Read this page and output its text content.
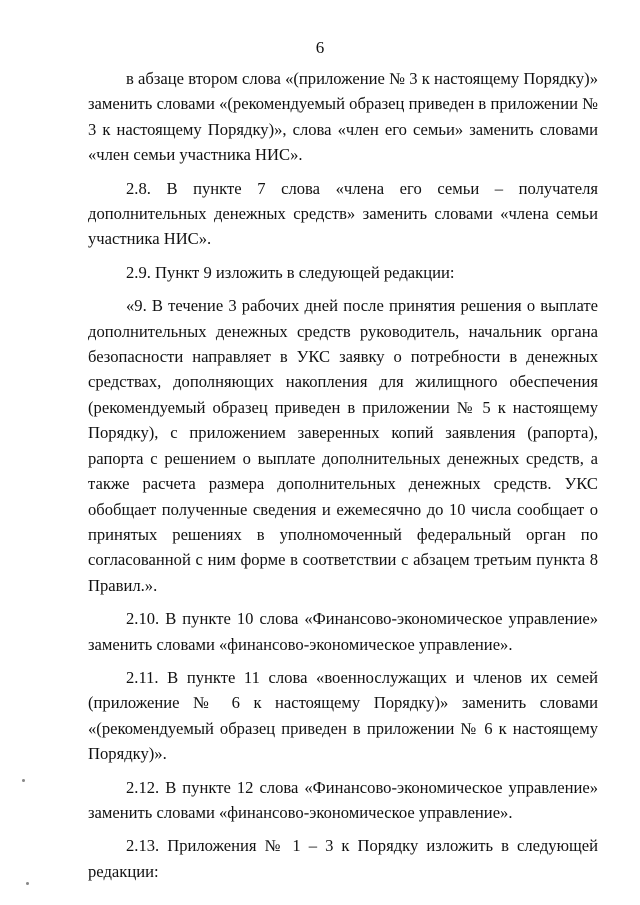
6

в абзаце втором слова «(приложение № 3 к настоящему Порядку)» заменить словами «(рекомендуемый образец приведен в приложении № 3 к настоящему Порядку)», слова «член его семьи» заменить словами «член семьи участника НИС».

2.8. В пункте 7 слова «члена его семьи – получателя дополнительных денежных средств» заменить словами «члена семьи участника НИС».

2.9. Пункт 9 изложить в следующей редакции:

«9. В течение 3 рабочих дней после принятия решения о выплате дополнительных денежных средств руководитель, начальник органа безопасности направляет в УКС заявку о потребности в денежных средствах, дополняющих накопления для жилищного обеспечения (рекомендуемый образец приведен в приложении № 5 к настоящему Порядку), с приложением заверенных копий заявления (рапорта), рапорта с решением о выплате дополнительных денежных средств, а также расчета размера дополнительных денежных средств. УКС обобщает полученные сведения и ежемесячно до 10 числа сообщает о принятых решениях в уполномоченный федеральный орган по согласованной с ним форме в соответствии с абзацем третьим пункта 8 Правил.».

2.10. В пункте 10 слова «Финансово-экономическое управление» заменить словами «финансово-экономическое управление».

2.11. В пункте 11 слова «военнослужащих и членов их семей (приложение № 6 к настоящему Порядку)» заменить словами «(рекомендуемый образец приведен в приложении № 6 к настоящему Порядку)».

2.12. В пункте 12 слова «Финансово-экономическое управление» заменить словами «финансово-экономическое управление».

2.13. Приложения № 1 – 3 к Порядку изложить в следующей редакции:
